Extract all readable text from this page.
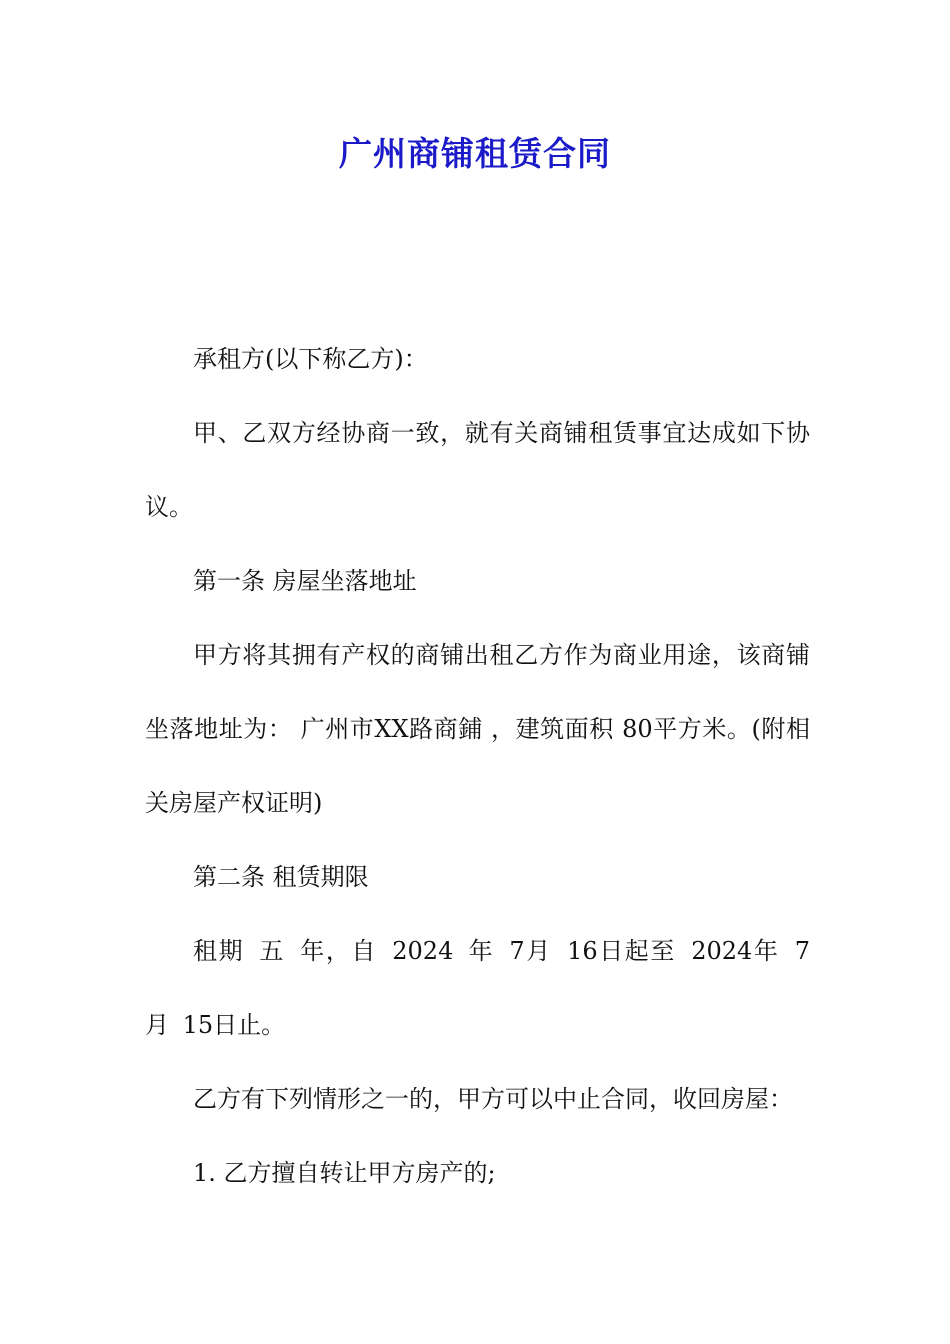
广州商铺租赁合同

承租方(以下称乙方)：

甲、乙双方经协商一致，就有关商铺租赁事宜达成如下协议。

第一条 房屋坐落地址

甲方将其拥有产权的商铺出租乙方作为商业用途，该商铺坐落地址为： 广州市XX路商鋪 ，建筑面积 80平方米。(附相关房屋产权证明)

第二条 租赁期限

租期 五 年，自 2024 年 7月 16日起至 2024年 7 月 15日止。

乙方有下列情形之一的，甲方可以中止合同，收回房屋：

1. 乙方擅自转让甲方房产的;
